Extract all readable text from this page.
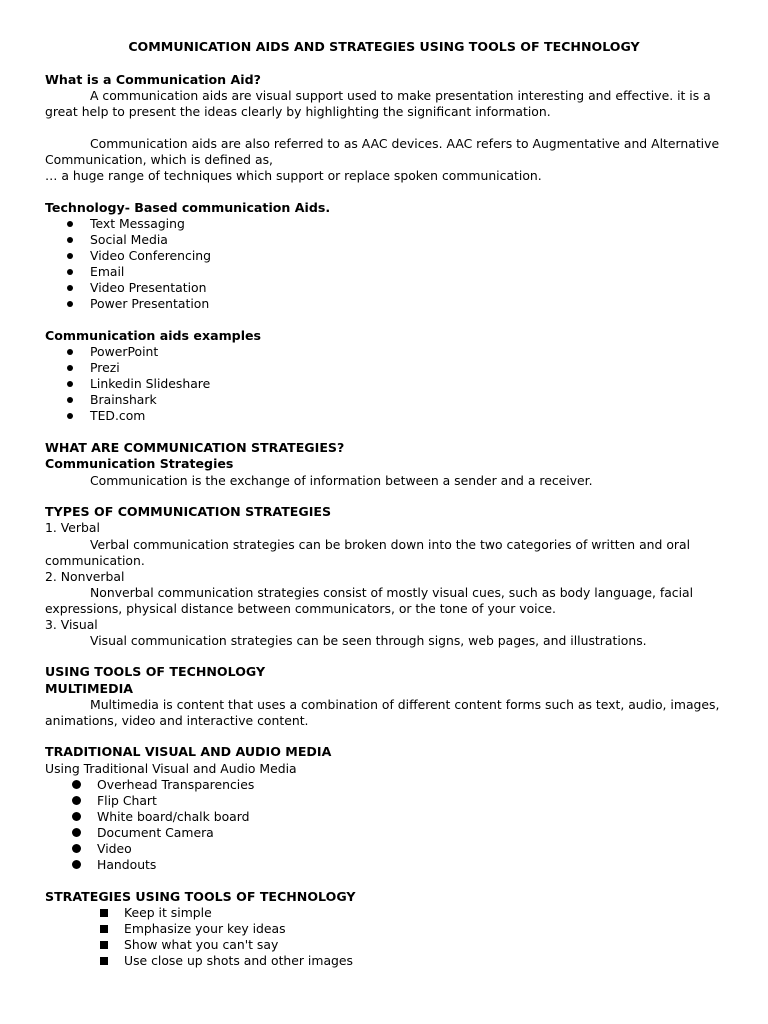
COMMUNICATION AIDS AND STRATEGIES USING TOOLS OF TECHNOLOGY
What is a Communication Aid?
A communication aids are visual support used to make presentation interesting and effective. it is a
great help to present the ideas clearly by highlighting the significant information.
Communication aids are also referred to as AAC devices. AAC refers to Augmentative and Alternative
Communication, which is defined as,
… a huge range of techniques which support or replace spoken communication.
Technology- Based communication Aids.
Text Messaging
Social Media
Video Conferencing
Email
Video Presentation
Power Presentation
Communication aids examples
PowerPoint
Prezi
Linkedin Slideshare
Brainshark
TED.com
WHAT ARE COMMUNICATION STRATEGIES?
Communication Strategies
Communication is the exchange of information between a sender and a receiver.
TYPES OF COMMUNICATION STRATEGIES
1. Verbal
Verbal communication strategies can be broken down into the two categories of written and oral
communication.
2. Nonverbal
Nonverbal communication strategies consist of mostly visual cues, such as body language, facial
expressions, physical distance between communicators, or the tone of your voice.
3. Visual
Visual communication strategies can be seen through signs, web pages, and illustrations.
USING TOOLS OF TECHNOLOGY
MULTIMEDIA
Multimedia is content that uses a combination of different content forms such as text, audio, images,
animations, video and interactive content.
TRADITIONAL VISUAL AND AUDIO MEDIA
Using Traditional Visual and Audio Media
Overhead Transparencies
Flip Chart
White board/chalk board
Document Camera
Video
Handouts
STRATEGIES USING TOOLS OF TECHNOLOGY
Keep it simple
Emphasize your key ideas
Show what you can't say
Use close up shots and other images
